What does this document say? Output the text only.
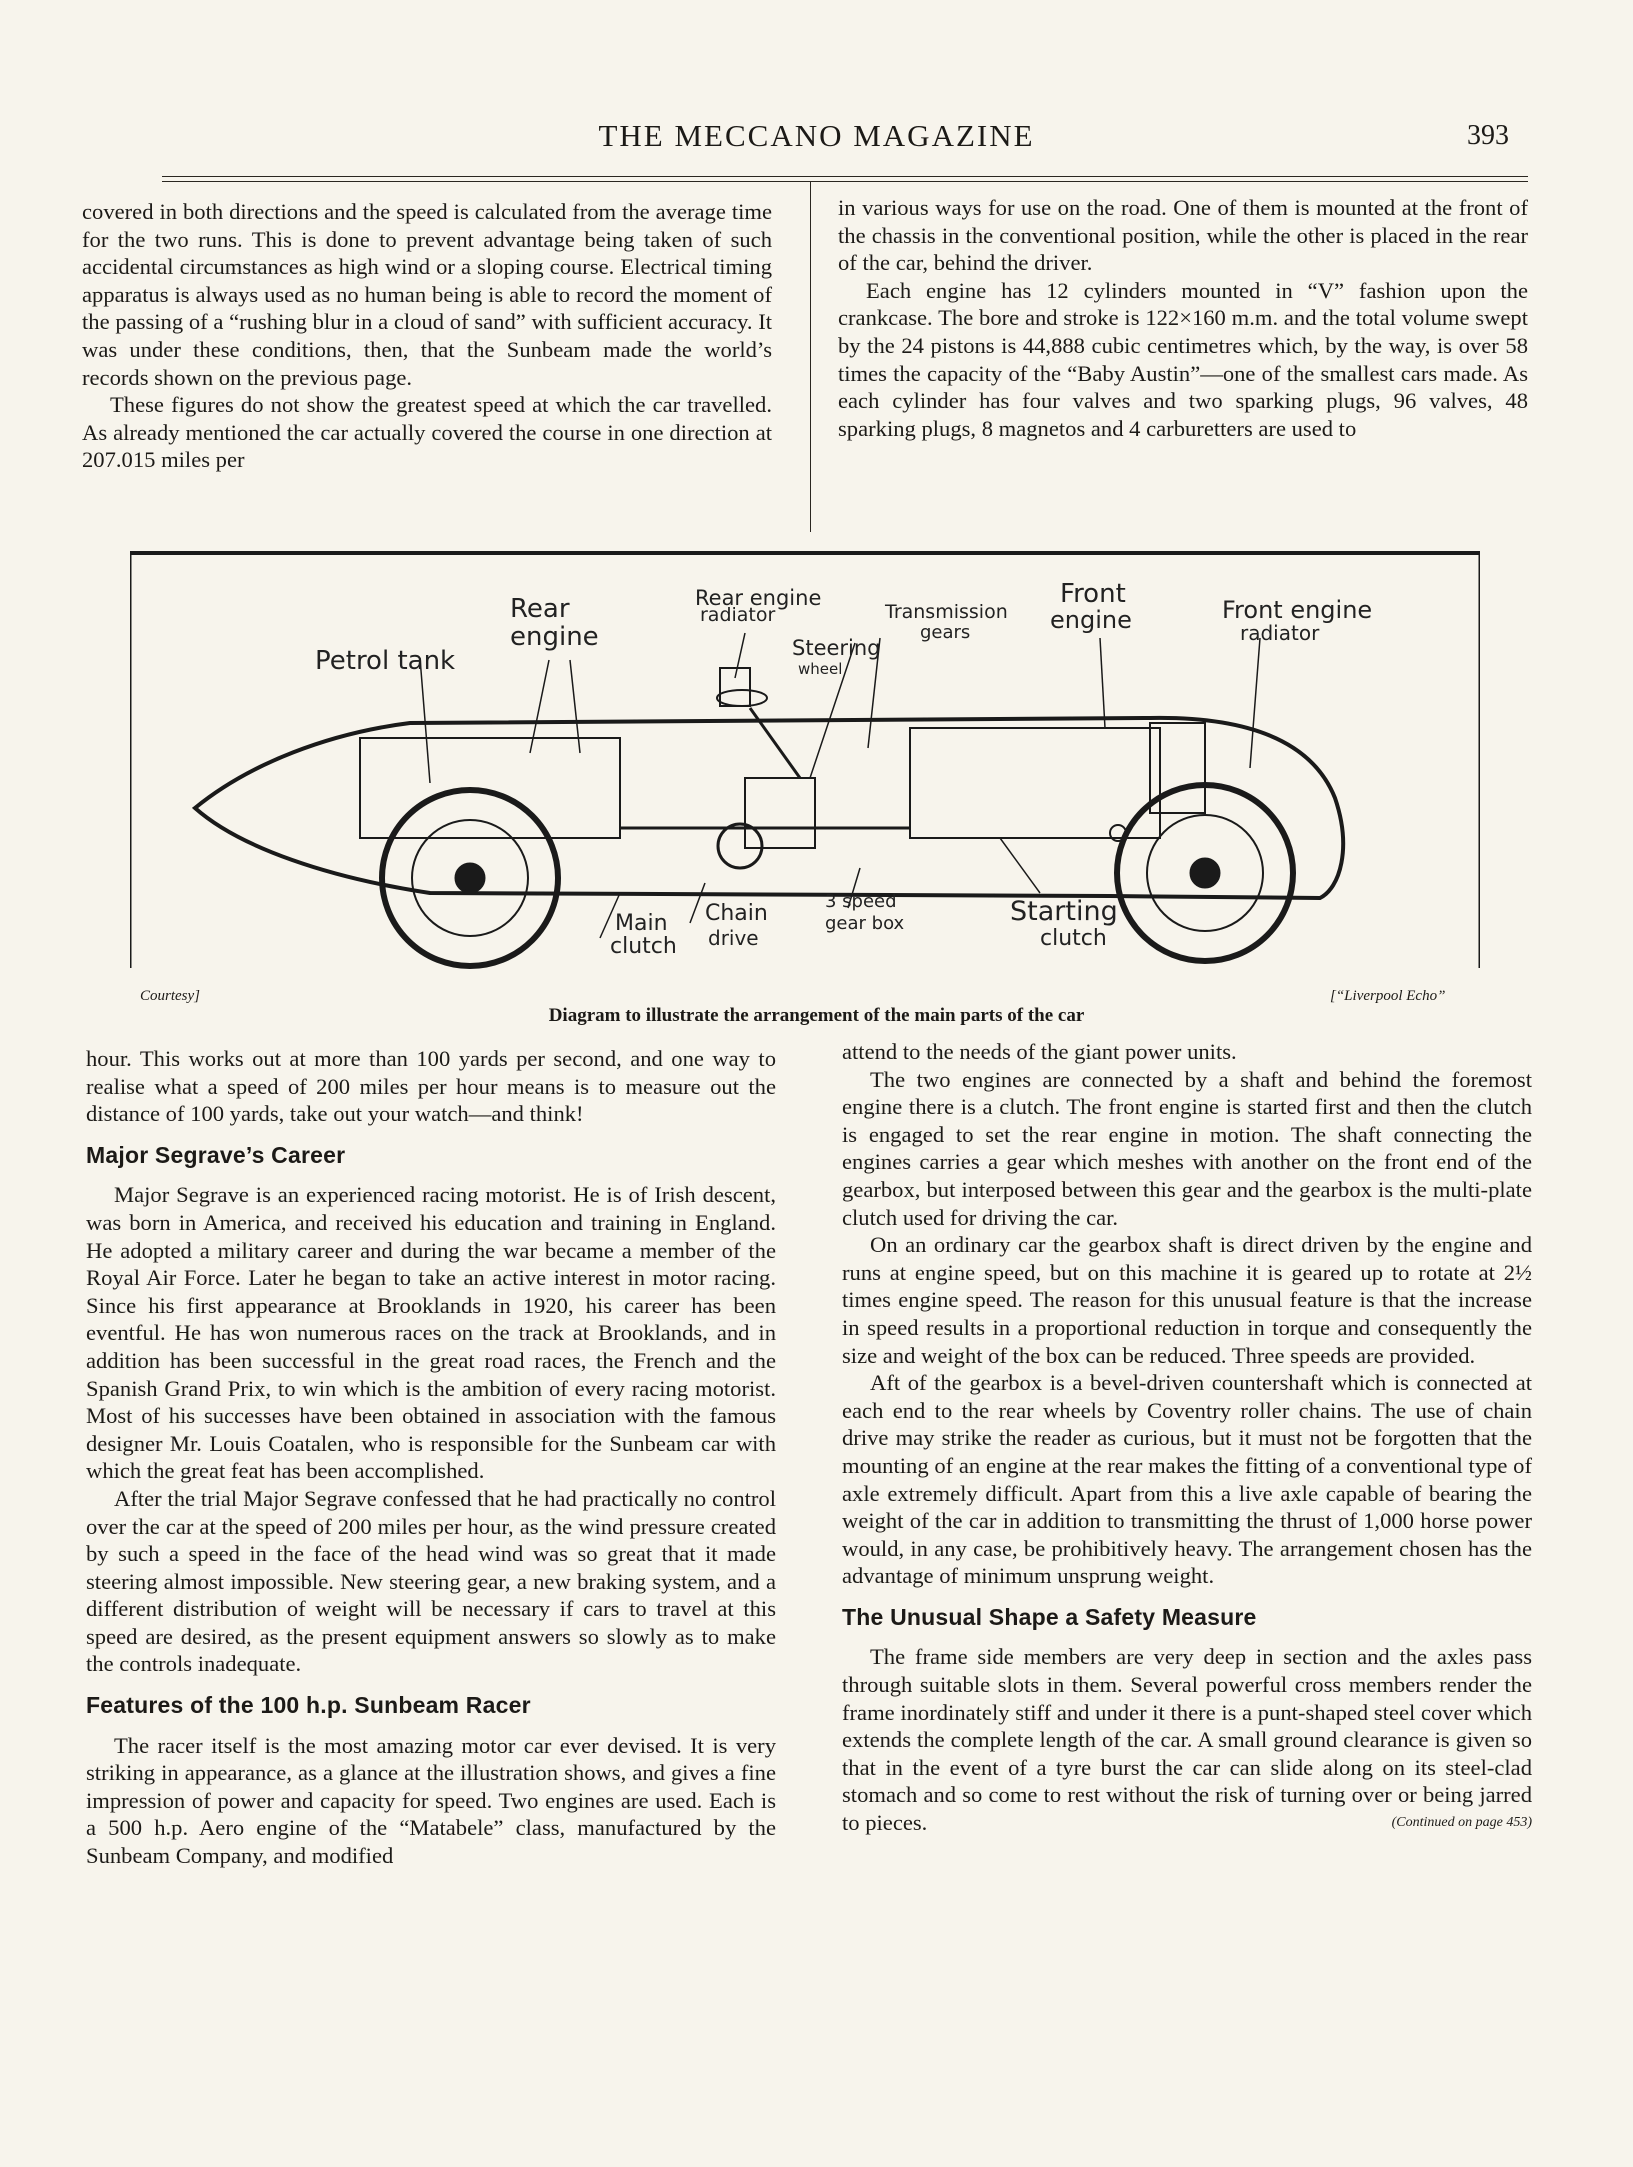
THE MECCANO MAGAZINE	393

covered in both directions and the speed is calculated from the average time for the two runs. This is done to prevent advantage being taken of such accidental circumstances as high wind or a sloping course. Electrical timing apparatus is always used as no human being is able to record the moment of the passing of a “rushing blur in a cloud of sand” with sufficient accuracy. It was under these conditions, then, that the Sunbeam made the world’s records shown on the previous page.

These figures do not show the greatest speed at which the car travelled. As already mentioned the car actually covered the course in one direction at 207.015 miles per

in various ways for use on the road. One of them is mounted at the front of the chassis in the conventional position, while the other is placed in the rear of the car, behind the driver.

Each engine has 12 cylinders mounted in “V” fashion upon the crankcase. The bore and stroke is 122×160 m.m. and the total volume swept by the 24 pistons is 44,888 cubic centimetres which, by the way, is over 58 times the capacity of the “Baby Austin”—one of the smallest cars made. As each cylinder has four valves and two sparking plugs, 96 valves, 48 sparking plugs, 8 magnetos and 4 carburetters are used to

Petrol tank
Rear
engine
Rear engine
radiator
Steering
wheel
Transmission
gears
Front
engine	Front engine
radiator
Main
clutch
Chain
drive
3 speed
gear box	Starting
clutch
Courtesy]	[“Liverpool Echo”
Diagram to illustrate the arrangement of the main parts of the car

hour. This works out at more than 100 yards per second, and one way to realise what a speed of 200 miles per hour means is to measure out the distance of 100 yards, take out your watch—and think!

Major Segrave’s Career

Major Segrave is an experienced racing motorist. He is of Irish descent, was born in America, and received his education and training in England. He adopted a military career and during the war became a member of the Royal Air Force. Later he began to take an active interest in motor racing. Since his first appearance at Brooklands in 1920, his career has been eventful. He has won numerous races on the track at Brooklands, and in addition has been successful in the great road races, the French and the Spanish Grand Prix, to win which is the ambition of every racing motorist. Most of his successes have been obtained in association with the famous designer Mr. Louis Coatalen, who is responsible for the Sunbeam car with which the great feat has been accomplished.

After the trial Major Segrave confessed that he had practically no control over the car at the speed of 200 miles per hour, as the wind pressure created by such a speed in the face of the head wind was so great that it made steering almost impossible. New steering gear, a new braking system, and a different distribution of weight will be necessary if cars to travel at this speed are desired, as the present equipment answers so slowly as to make the controls inadequate.

Features of the 100 h.p. Sunbeam Racer

The racer itself is the most amazing motor car ever devised. It is very striking in appearance, as a glance at the illustration shows, and gives a fine impression of power and capacity for speed. Two engines are used. Each is a 500 h.p. Aero engine of the “Matabele” class, manufactured by the Sunbeam Company, and modified

attend to the needs of the giant power units.

The two engines are connected by a shaft and behind the foremost engine there is a clutch. The front engine is started first and then the clutch is engaged to set the rear engine in motion. The shaft connecting the engines carries a gear which meshes with another on the front end of the gearbox, but interposed between this gear and the gearbox is the multi-plate clutch used for driving the car.

On an ordinary car the gearbox shaft is direct driven by the engine and runs at engine speed, but on this machine it is geared up to rotate at 2½ times engine speed. The reason for this unusual feature is that the increase in speed results in a proportional reduction in torque and consequently the size and weight of the box can be reduced. Three speeds are provided.

Aft of the gearbox is a bevel-driven countershaft which is connected at each end to the rear wheels by Coventry roller chains. The use of chain drive may strike the reader as curious, but it must not be forgotten that the mounting of an engine at the rear makes the fitting of a conventional type of axle extremely difficult. Apart from this a live axle capable of bearing the weight of the car in addition to transmitting the thrust of 1,000 horse power would, in any case, be prohibitively heavy. The arrangement chosen has the advantage of minimum unsprung weight.

The Unusual Shape a Safety Measure

The frame side members are very deep in section and the axles pass through suitable slots in them. Several powerful cross members render the frame inordinately stiff and under it there is a punt-shaped steel cover which extends the complete length of the car. A small ground clearance is given so that in the event of a tyre burst the car can slide along on its steel-clad stomach and so come to rest without the risk of turning over or being jarred to pieces.	(Continued on page 453)
